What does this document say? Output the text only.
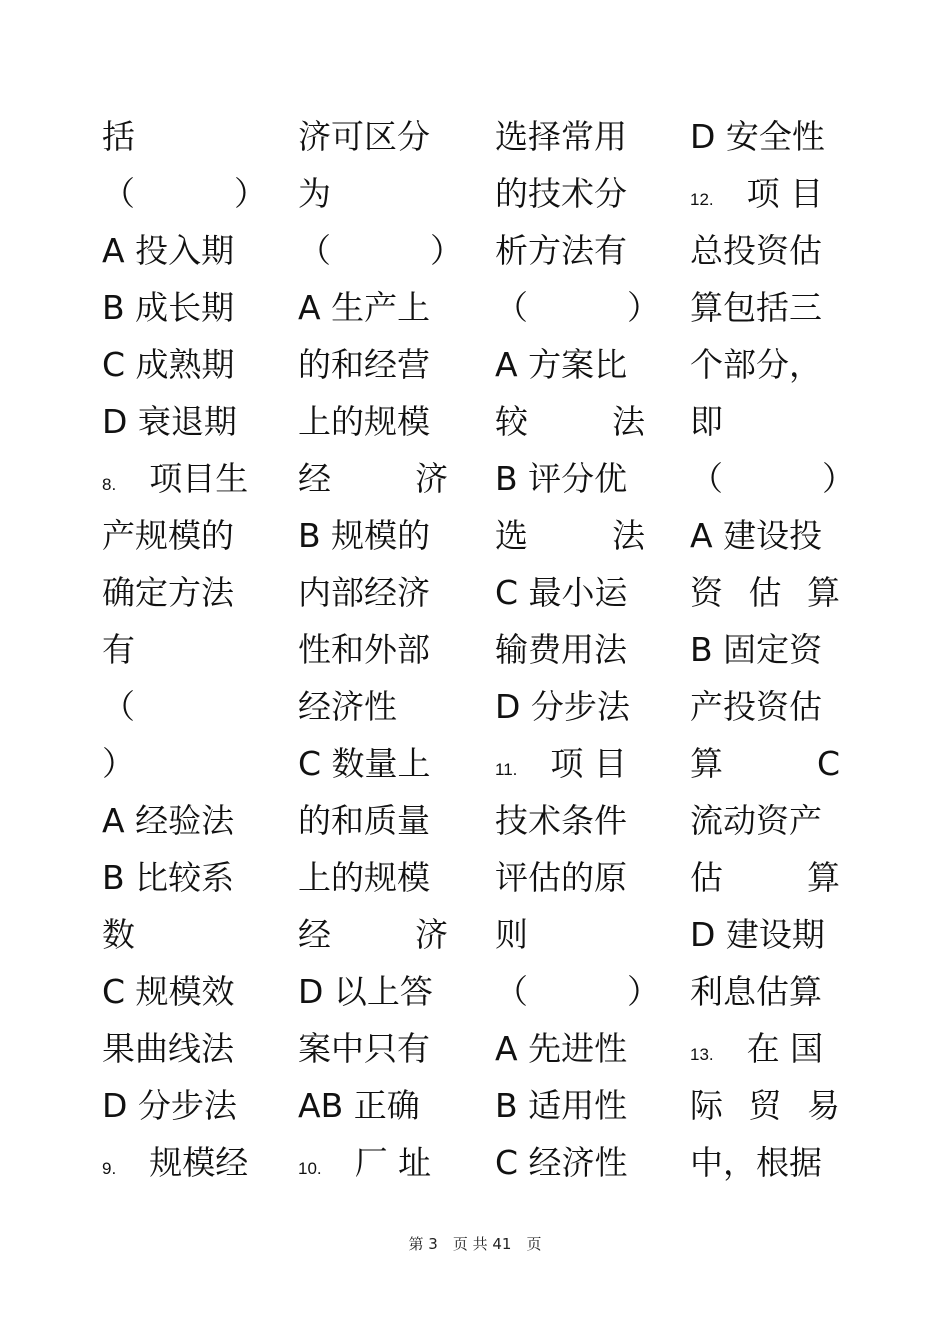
括
（　　　）
A 投入期
B 成长期
C 成熟期
D 衰退期
8.  项目生
产规模的
确定方法
有
（
）
A 经验法
B 比较系
数
C 规模效
果曲线法
D 分步法
9.  规模经
济可区分
为
（　　　）
A 生产上
的和经营
上的规模
经　　济
B 规模的
内部经济
性和外部
经济性
C 数量上
的和质量
上的规模
经　　济
D 以上答
案中只有
AB 正确
10.  厂 址
选择常用
的技术分
析方法有
（　　　）
A 方案比
较　　法
B 评分优
选　　法
C 最小运
输费用法
D 分步法
11.  项 目
技术条件
评估的原
则
（　　　）
A 先进性
B 适用性
C 经济性
D 安全性
12.  项 目
总投资估
算包括三
个部分，
即
（　　　）
A 建设投
资 估 算
B 固定资
产投资估
算　　C
流动资产
估　　算
D 建设期
利息估算
13.  在 国
际 贸 易
中，根据
第 3　页 共 41　页
